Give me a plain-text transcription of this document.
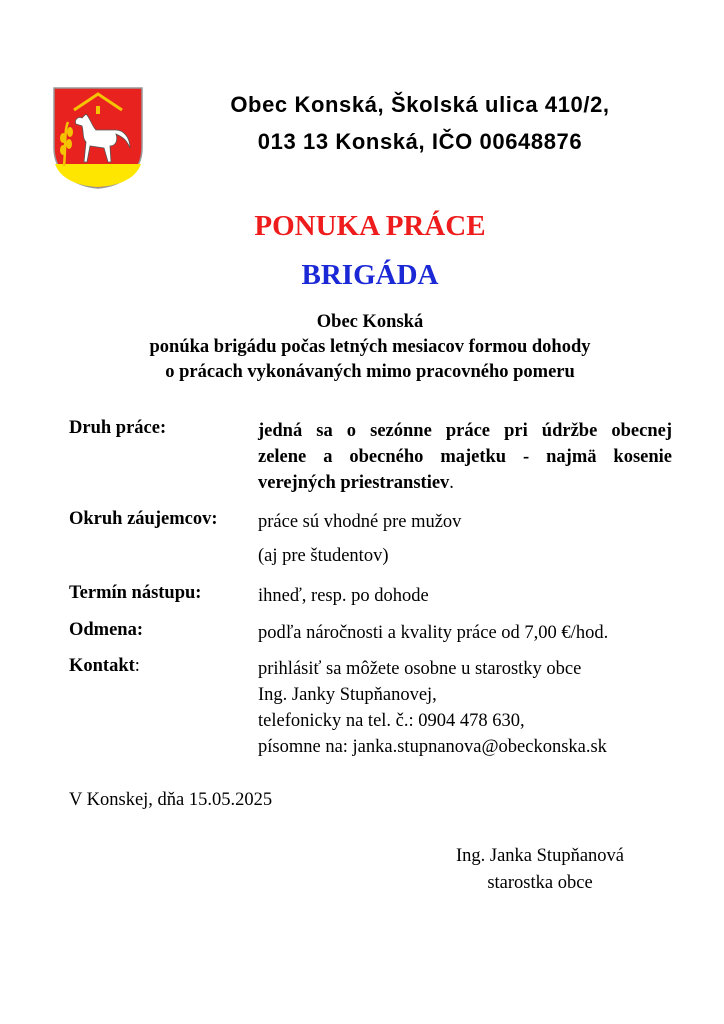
Obec Konská, Školská ulica 410/2,
013 13 Konská, IČO 00648876
PONUKA PRÁCE
BRIGÁDA
Obec Konská
ponúka brigádu počas letných mesiacov formou dohody
o prácach vykonávaných mimo pracovného pomeru
Druh práce:	jedná sa o sezónne práce pri údržbe obecnej
zelene a obecného majetku - najmä kosenie
verejných priestranstiev.
Okruh záujemcov: práce sú vhodné pre mužov
(aj pre študentov)
Termín nástupu:	ihneď, resp. po dohode
Odmena:	podľa náročnosti a kvality práce od 7,00 €/hod.
Kontakt:	prihlásiť sa môžete osobne u starostky obce
Ing. Janky Stupňanovej,
telefonicky na tel. č.: 0904 478 630,
písomne na: janka.stupnanova@obeckonska.sk
V Konskej, dňa 15.05.2025
Ing. Janka Stupňanová
starostka obce
